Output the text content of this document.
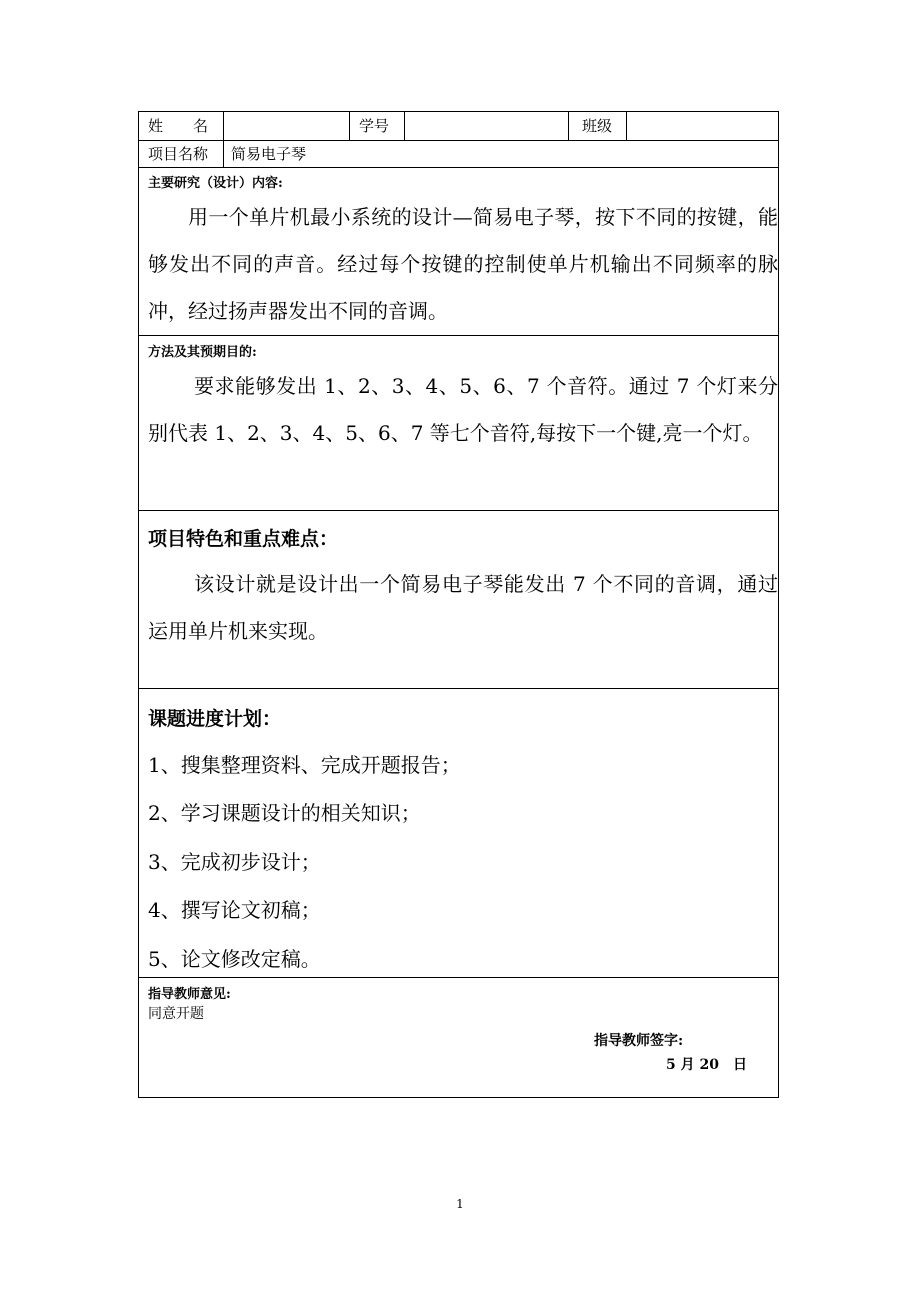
姓　　名	学号	班级
项目名称 简易电子琴
主要研究（设计）内容:
用一个单片机最小系统的设计—简易电子琴，按下不同的按键，能够发出不同的声音。经过每个按键的控制使单片机输出不同频率的脉冲，经过扬声器发出不同的音调。
方法及其预期目的:
要求能够发出 1、2、3、4、5、6、7 个音符。通过 7 个灯来分别代表 1、2、3、4、5、6、7 等七个音符,每按下一个键,亮一个灯。
项目特色和重点难点：
该设计就是设计出一个简易电子琴能发出 7 个不同的音调，通过运用单片机来实现。
课题进度计划：
1、搜集整理资料、完成开题报告；
2、学习课题设计的相关知识；
3、完成初步设计；
4、撰写论文初稿；
5、论文修改定稿。
指导教师意见:
同意开题
指导教师签字:
5 月 20　日
1
